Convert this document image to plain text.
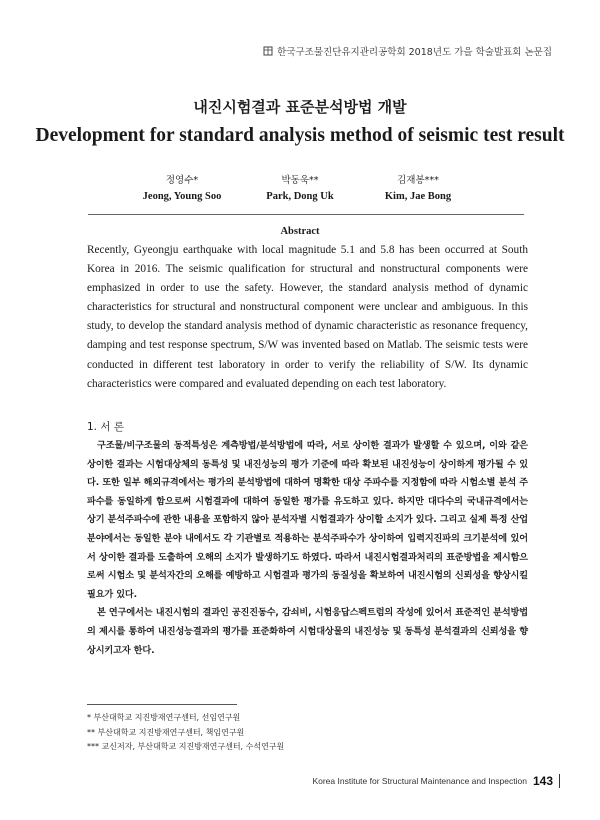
한국구조물진단유지관리공학회 2018년도 가을 학술발표회 논문집
내진시험결과 표준분석방법 개발
Development for standard analysis method of seismic test result
정영수*
Jeong, Young Soo
박동욱**
Park, Dong Uk
김재봉***
Kim, Jae Bong
Abstract
Recently, Gyeongju earthquake with local magnitude 5.1 and 5.8 has been occurred at South Korea in 2016. The seismic qualification for structural and nonstructural components were emphasized in order to use the safety. However, the standard analysis method of dynamic characteristics for structural and nonstructural component were unclear and ambiguous. In this study, to develop the standard analysis method of dynamic characteristic as resonance frequency, damping and test response spectrum, S/W was invented based on Matlab. The seismic tests were conducted in different test laboratory in order to verify the reliability of S/W. Its dynamic characteristics were compared and evaluated depending on each test laboratory.
1. 서 론

구조물/비구조물의 동적특성은 계측방법/분석방법에 따라, 서로 상이한 결과가 발생할 수 있으며, 이와 같은 상이한 결과는 시험대상체의 동특성 및 내진성능의 평가 기준에 따라 확보된 내진성능이 상이하게 평가될 수 있다. 또한 일부 해외규격에서는 평가의 분석방법에 대하여 명확한 대상 주파수를 지정함에 따라 시험소별 분석 주파수를 동일하게 함으로써 시험결과에 대하여 동일한 평가를 유도하고 있다. 하지만 대다수의 국내규격에서는 상기 분석주파수에 관한 내용을 포함하지 않아 분석자별 시험결과가 상이할 소지가 있다. 그리고 실제 특정 산업분야에서는 동일한 분야 내에서도 각 기관별로 적용하는 분석주파수가 상이하여 입력지진파의 크기분석에 있어서 상이한 결과를 도출하여 오해의 소지가 발생하기도 하였다. 따라서 내진시험결과처리의 표준방법을 제시함으로써 시험소 및 분석자간의 오해를 예방하고 시험결과 평가의 동질성을 확보하여 내진시험의 신뢰성을 향상시킬 필요가 있다.

본 연구에서는 내진시험의 결과인 공진진동수, 감쇠비, 시험응답스펙트럼의 작성에 있어서 표준적인 분석방법의 제시를 통하여 내진성능결과의 평가를 표준화하여 시험대상물의 내진성능 및 동특성 분석결과의 신뢰성을 향상시키고자 한다.

* 부산대학교 지진방재연구센터, 선임연구원
** 부산대학교 지진방재연구센터, 책임연구원
*** 교신저자, 부산대학교 지진방재연구센터, 수석연구원
Korea Institute for Structural Maintenance and Inspection 143
